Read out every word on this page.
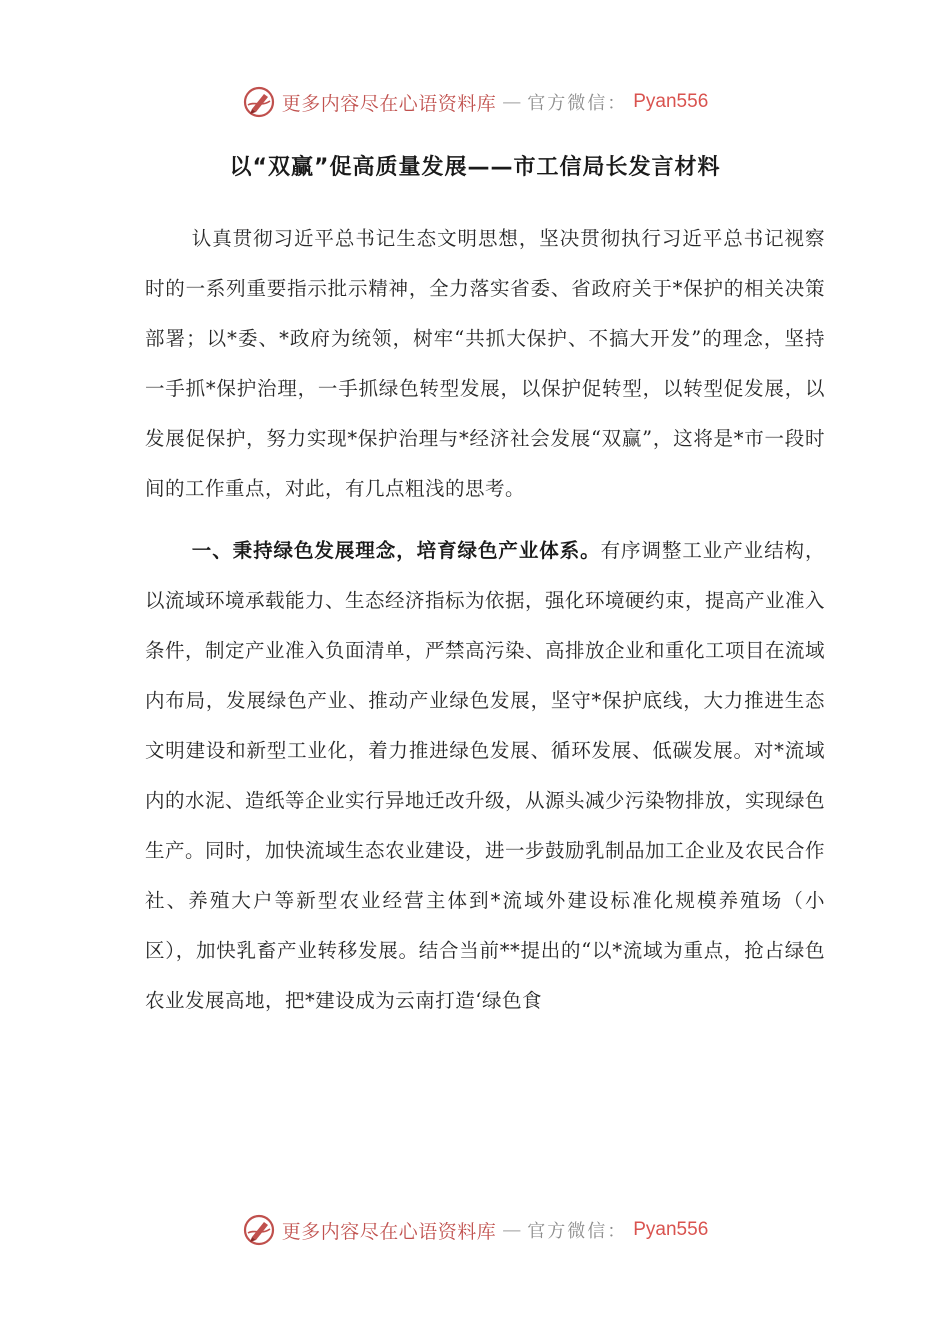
更多内容尽在心语资料库 — 官方微信： Pyan556
以“双赢”促高质量发展——市工信局长发言材料

认真贯彻习近平总书记生态文明思想，坚决贯彻执行习近平总书记视察时的一系列重要指示批示精神，全力落实省委、省政府关于*保护的相关决策部署；以*委、*政府为统领，树牢“共抓大保护、不搞大开发”的理念，坚持一手抓*保护治理，一手抓绿色转型发展，以保护促转型，以转型促发展，以发展促保护，努力实现*保护治理与*经济社会发展“双赢”，这将是*市一段时间的工作重点，对此，有几点粗浅的思考。

一、秉持绿色发展理念，培育绿色产业体系。有序调整工业产业结构，以流域环境承载能力、生态经济指标为依据，强化环境硬约束，提高产业准入条件，制定产业准入负面清单，严禁高污染、高排放企业和重化工项目在流域内布局，发展绿色产业、推动产业绿色发展，坚守*保护底线，大力推进生态文明建设和新型工业化，着力推进绿色发展、循环发展、低碳发展。对*流域内的水泥、造纸等企业实行异地迁改升级，从源头减少污染物排放，实现绿色生产。同时，加快流域生态农业建设，进一步鼓励乳制品加工企业及农民合作社、养殖大户等新型农业经营主体到*流域外建设标准化规模养殖场（小区），加快乳畜产业转移发展。结合当前**提出的“以*流域为重点，抢占绿色农业发展高地，把*建设成为云南打造‘绿色食

更多内容尽在心语资料库 — 官方微信： Pyan556
